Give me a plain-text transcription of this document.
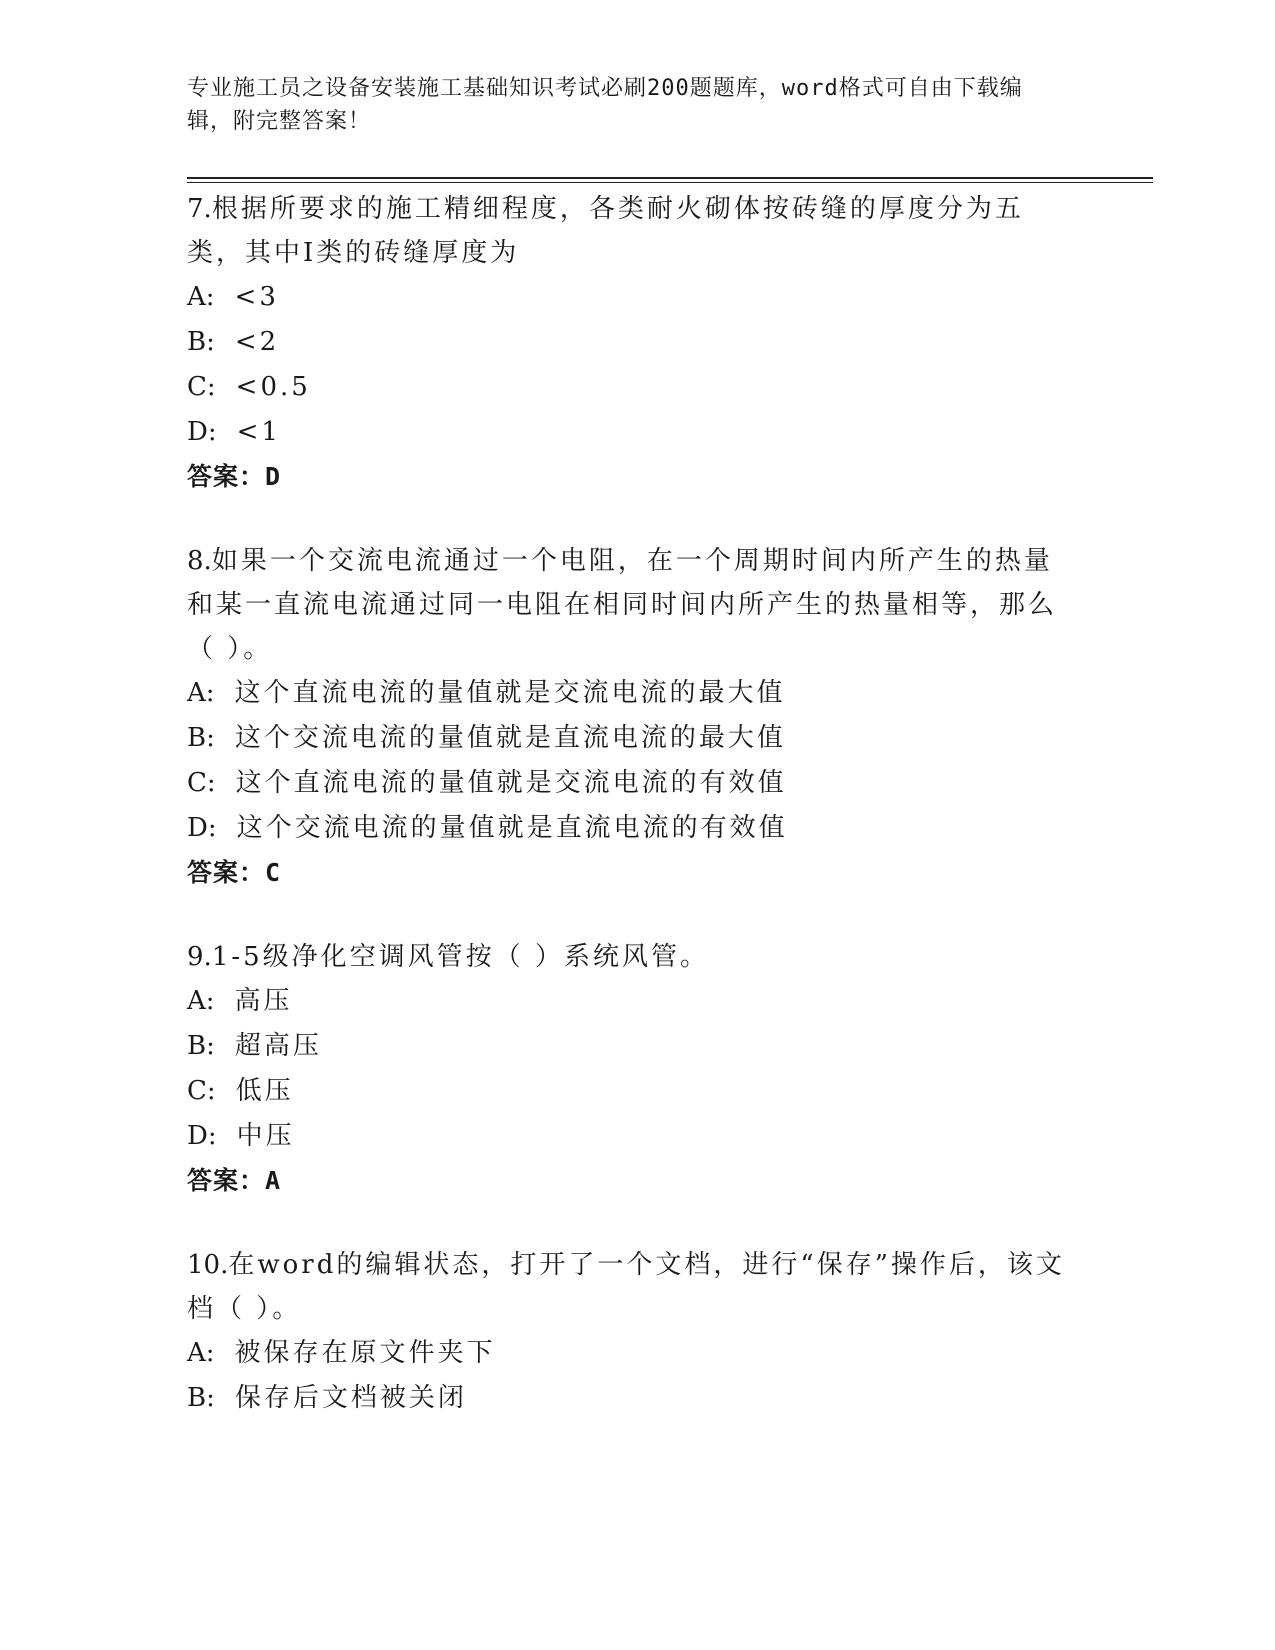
专业施工员之设备安装施工基础知识考试必刷200题题库，word格式可自由下载编辑，附完整答案！
7.根据所要求的施工精细程度，各类耐火砌体按砖缝的厚度分为五类，其中Ⅰ类的砖缝厚度为
A: <3
B: <2
C: <0.5
D: <1
答案：D
8.如果一个交流电流通过一个电阻，在一个周期时间内所产生的热量和某一直流电流通过同一电阻在相同时间内所产生的热量相等，那么（ ）。
A: 这个直流电流的量值就是交流电流的最大值
B: 这个交流电流的量值就是直流电流的最大值
C: 这个直流电流的量值就是交流电流的有效值
D: 这个交流电流的量值就是直流电流的有效值
答案：C
9.1-5级净化空调风管按（ ）系统风管。
A: 高压
B: 超高压
C: 低压
D: 中压
答案：A
10.在word的编辑状态，打开了一个文档，进行“保存”操作后，该文档（ ）。
A: 被保存在原文件夹下
B: 保存后文档被关闭
